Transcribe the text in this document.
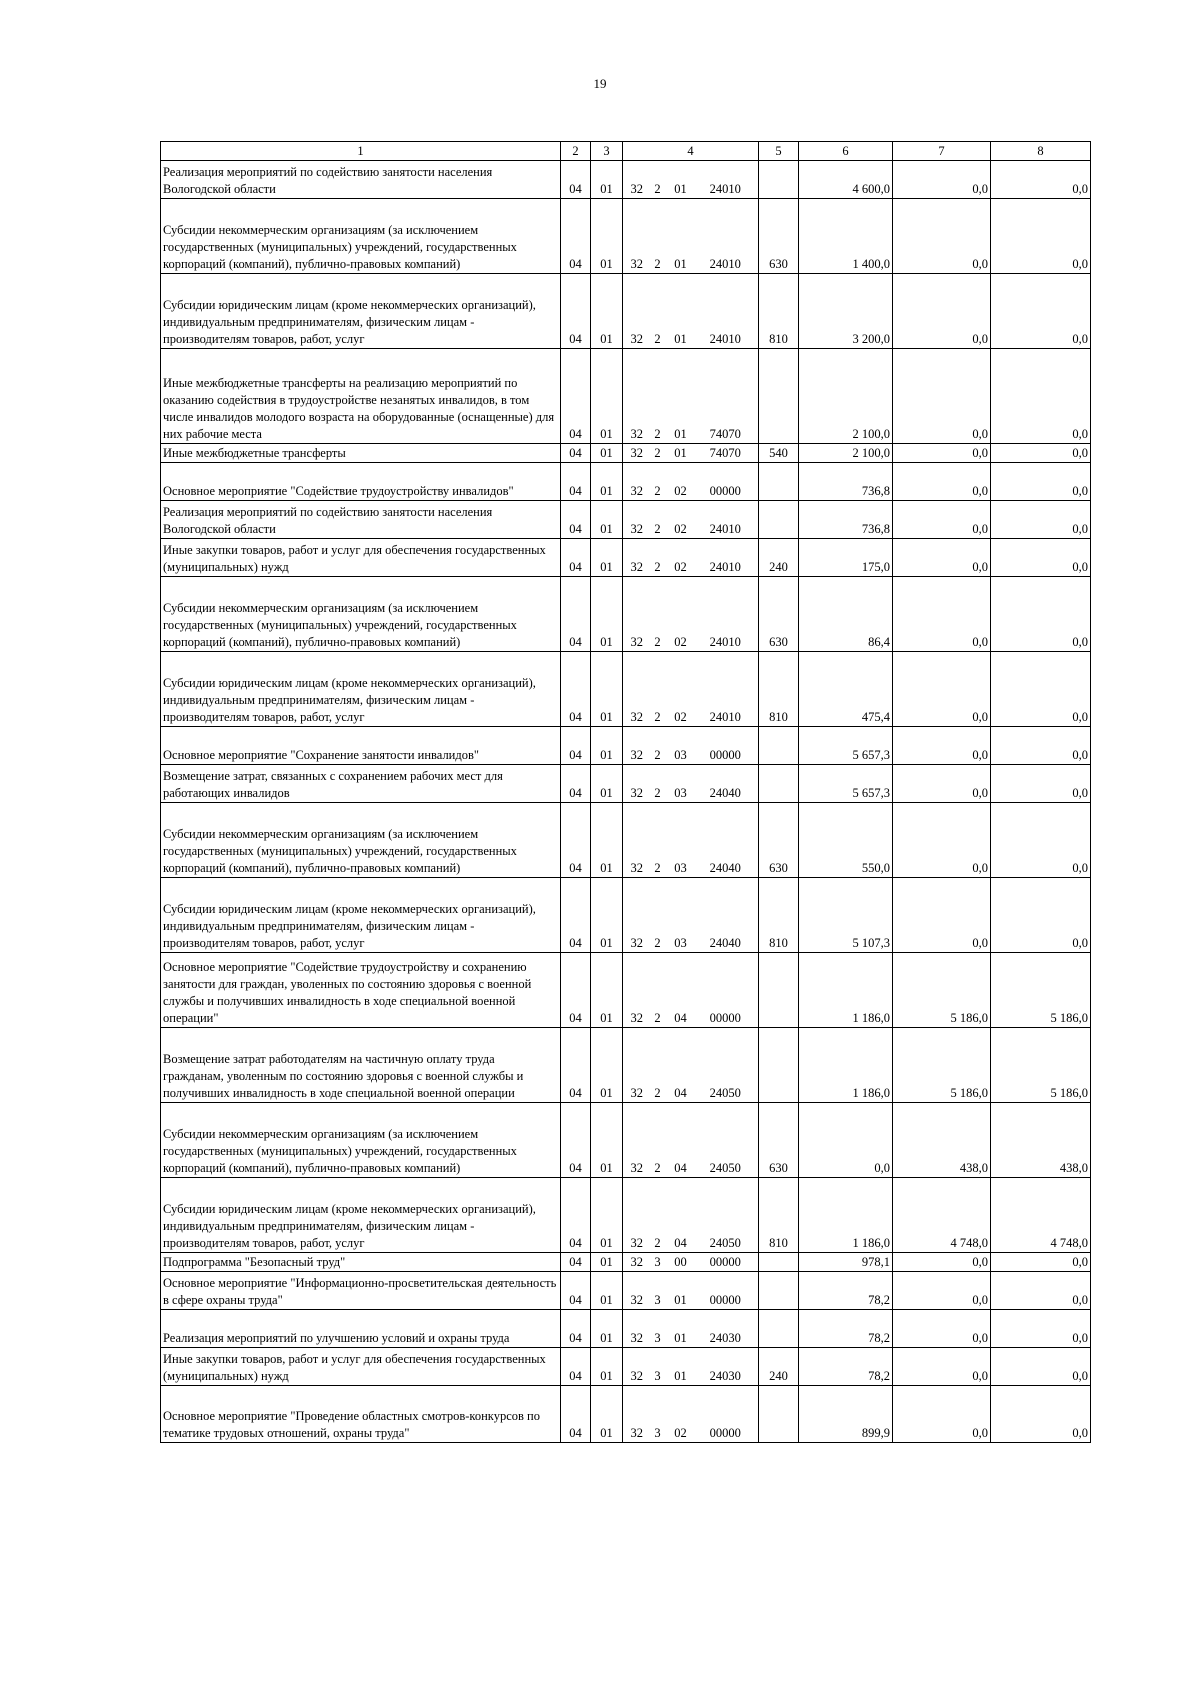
19
1	2	3	4				5	6	7	8
Реализация мероприятий по содействию занятости населения Вологодской области	04	01	32	2	01	24010		4 600,0	0,0	0,0
Субсидии некоммерческим организациям (за исключением государственных (муниципальных) учреждений, государственных корпораций (компаний), публично-правовых компаний)	04	01	32	2	01	24010	630	1 400,0	0,0	0,0
Субсидии юридическим лицам (кроме некоммерческих организаций), индивидуальным предпринимателям, физическим лицам - производителям товаров, работ, услуг	04	01	32	2	01	24010	810	3 200,0	0,0	0,0
Иные межбюджетные трансферты на реализацию мероприятий по оказанию содействия в трудоустройстве незанятых инвалидов, в том числе инвалидов молодого возраста на оборудованные (оснащенные) для них рабочие места	04	01	32	2	01	74070		2 100,0	0,0	0,0
Иные межбюджетные трансферты	04	01	32	2	01	74070	540	2 100,0	0,0	0,0
Основное мероприятие "Содействие трудоустройству инвалидов"	04	01	32	2	02	00000		736,8	0,0	0,0
Реализация мероприятий по содействию занятости населения Вологодской области	04	01	32	2	02	24010		736,8	0,0	0,0
Иные закупки товаров, работ и услуг для обеспечения государственных (муниципальных) нужд	04	01	32	2	02	24010	240	175,0	0,0	0,0
Субсидии некоммерческим организациям (за исключением государственных (муниципальных) учреждений, государственных корпораций (компаний), публично-правовых компаний)	04	01	32	2	02	24010	630	86,4	0,0	0,0
Субсидии юридическим лицам (кроме некоммерческих организаций), индивидуальным предпринимателям, физическим лицам - производителям товаров, работ, услуг	04	01	32	2	02	24010	810	475,4	0,0	0,0
Основное мероприятие "Сохранение занятости инвалидов"	04	01	32	2	03	00000		5 657,3	0,0	0,0
Возмещение затрат, связанных с сохранением рабочих мест для работающих инвалидов	04	01	32	2	03	24040		5 657,3	0,0	0,0
Субсидии некоммерческим организациям (за исключением государственных (муниципальных) учреждений, государственных корпораций (компаний), публично-правовых компаний)	04	01	32	2	03	24040	630	550,0	0,0	0,0
Субсидии юридическим лицам (кроме некоммерческих организаций), индивидуальным предпринимателям, физическим лицам - производителям товаров, работ, услуг	04	01	32	2	03	24040	810	5 107,3	0,0	0,0
Основное мероприятие "Содействие трудоустройству и сохранению занятости для граждан, уволенных по состоянию здоровья с военной службы и получивших инвалидность в ходе специальной военной операции"	04	01	32	2	04	00000		1 186,0	5 186,0	5 186,0
Возмещение затрат работодателям на частичную оплату труда гражданам, уволенным по состоянию здоровья с военной службы и получивших инвалидность в ходе специальной военной операции	04	01	32	2	04	24050		1 186,0	5 186,0	5 186,0
Субсидии некоммерческим организациям (за исключением государственных (муниципальных) учреждений, государственных корпораций (компаний), публично-правовых компаний)	04	01	32	2	04	24050	630	0,0	438,0	438,0
Субсидии юридическим лицам (кроме некоммерческих организаций), индивидуальным предпринимателям, физическим лицам - производителям товаров, работ, услуг	04	01	32	2	04	24050	810	1 186,0	4 748,0	4 748,0
Подпрограмма "Безопасный труд"	04	01	32	3	00	00000		978,1	0,0	0,0
Основное мероприятие "Информационно-просветительская деятельность в сфере охраны труда"	04	01	32	3	01	00000		78,2	0,0	0,0
Реализация мероприятий по улучшению условий и охраны труда	04	01	32	3	01	24030		78,2	0,0	0,0
Иные закупки товаров, работ и услуг для обеспечения государственных (муниципальных) нужд	04	01	32	3	01	24030	240	78,2	0,0	0,0
Основное мероприятие "Проведение областных смотров-конкурсов по тематике трудовых отношений, охраны труда"	04	01	32	3	02	00000		899,9	0,0	0,0
